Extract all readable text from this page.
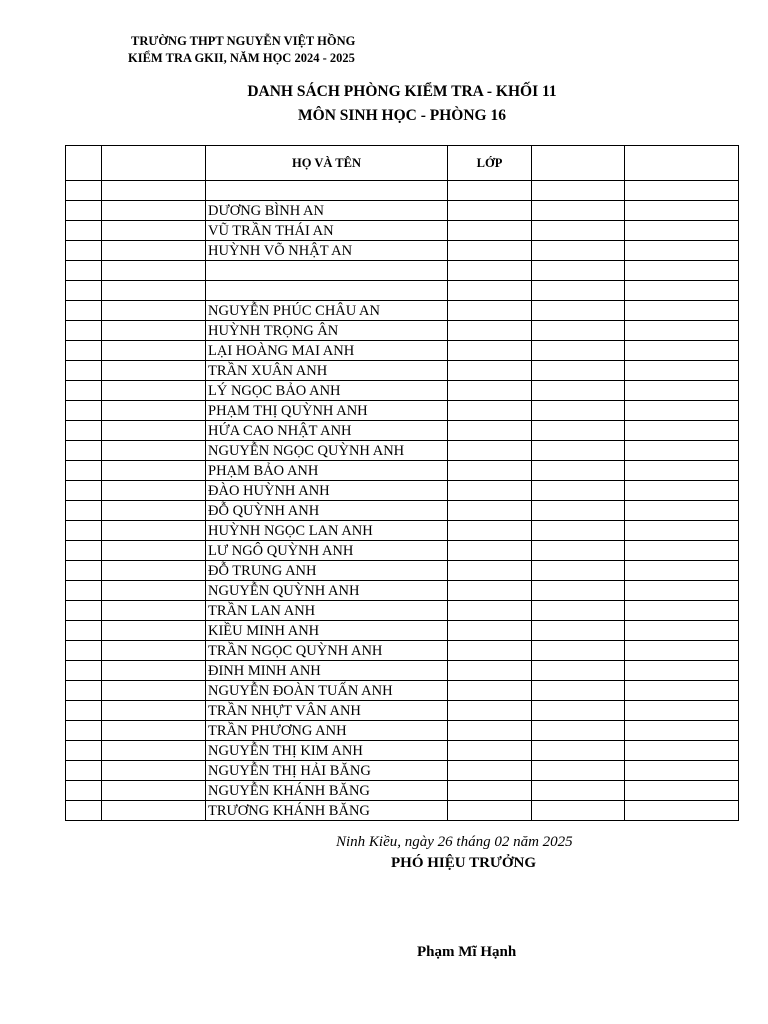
TRƯỜNG THPT NGUYỄN VIỆT HỒNG
KIỂM TRA GKII, NĂM HỌC 2024 - 2025
DANH SÁCH PHÒNG KIỂM TRA - KHỐI 11
MÔN SINH HỌC - PHÒNG 16
		HỌ VÀ TÊN	LỚP		

		DƯƠNG BÌNH AN			
		VŨ TRẦN THÁI AN			
		HUỲNH VÕ NHẬT AN			

		NGUYỄN PHÚC CHÂU AN			
		HUỲNH TRỌNG ÂN			
		LẠI HOÀNG MAI ANH			
		TRẦN XUÂN ANH			
		LÝ NGỌC BẢO ANH			
		PHẠM THỊ QUỲNH ANH			
		HỨA CAO NHẬT ANH			
		NGUYỄN NGỌC QUỲNH ANH			
		PHẠM BẢO ANH			
		ĐÀO HUỲNH ANH			
		ĐỖ QUỲNH ANH			
		HUỲNH NGỌC LAN ANH			
		LƯ NGÔ QUỲNH ANH			
		ĐỖ TRUNG ANH			
		NGUYỄN QUỲNH ANH			
		TRẦN LAN ANH			
		KIỀU MINH ANH			
		TRẦN NGỌC QUỲNH ANH			
		ĐINH MINH ANH			
		NGUYỄN ĐOÀN TUẤN ANH			
		TRẦN NHỰT VÂN ANH			
		TRẦN PHƯƠNG ANH			
		NGUYỄN THỊ KIM ANH			
		NGUYỄN THỊ HẢI BĂNG			
		NGUYỄN KHÁNH BĂNG			
		TRƯƠNG KHÁNH BĂNG			
Ninh Kiều, ngày 26 tháng 02 năm 2025
PHÓ HIỆU TRƯỞNG
Phạm Mĩ Hạnh
